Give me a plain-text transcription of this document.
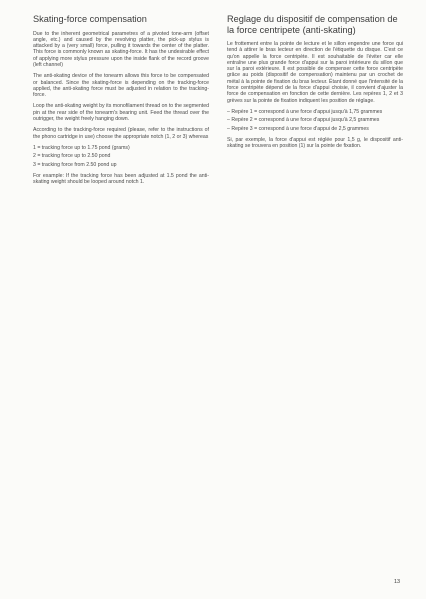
Skating-force compensation

Due to the inherent geometrical parametres of a pivoted tone-arm (offset angle, etc.) and caused by the revolving platter, the pick-up stylus is attacked by a (very small) force, pulling it towards the center of the platter. This force is commonly known as skating-force. It has the undesirable effect of applying more stylus pressure upon the inside flank of the record groove (left channel)

The anti-skating device of the tonearm allows this force to be compensated or balanced. Since the skating-force is depending on the tracking-force applied, the anti-skating force must be adjusted in relation to the tracking-force.

Loop the anti-skating weight by its monofilament thread on to the segmented pin at the rear side of the tonearm's bearing unit. Feed the thread over the outrigger, the weight freely hanging down.

According to the tracking-force required (please, refer to the instructions of the phono cartridge in use) choose the appropriate notch (1, 2 or 3) whereas

1 = tracking force up to 1.75 pond (grams)
2 = tracking force up to 2.50 pond
3 = tracking force from 2.50 pond up

For example: If the tracking force has been adjusted at 1.5 pond the anti-skating weight should be looped around notch 1.

Reglage du dispositif de compensation de la force centripete (anti-skating)

Le frottement entre la pointe de lecture et le sillon engendre une force qui tend à attirer le bras lecteur en direction de l'étiquette du disque. C'est ce qu'on appelle la force centripète. Il est souhaitable de l'éviter car elle entraîne une plus grande force d'appui sur la paroi intérieure du sillon que sur la paroi extérieure. Il est possible de compenser cette force centripète grâce au poids (dispositif de compensation) maintenu par un crochet de métal à la pointe de fixation du bras lecteur. Étant donné que l'intensité de la force centripète dépend de la force d'appui choisie, il convient d'ajuster la force de compensation en fonction de cette dernière. Les repères 1, 2 et 3 grèves sur la pointe de fixation indiquent les position de réglage.

– Repère 1 = correspond à une force d'appui jusqu'à 1,75 grammes
– Repère 2 = correspond à une force d'appui jusqu'à 2,5 grammes
– Repère 3 = correspond à une force d'appui de 2,5 grammes

Si, par exemple, la force d'appui est réglée pour 1,5 g, le dispositif anti-skating se trouvera en position (1) sur la pointe de fixation.

13
